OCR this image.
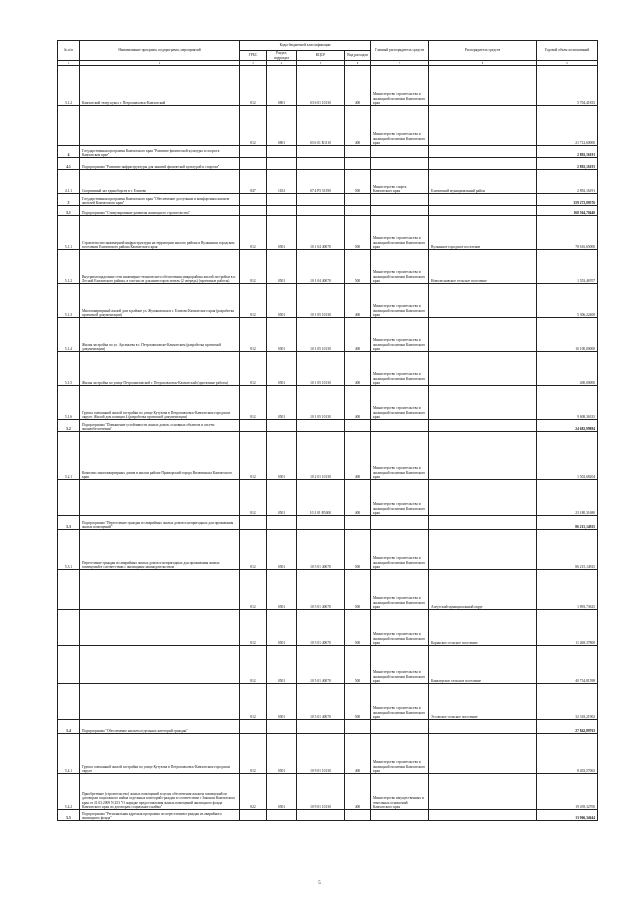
№ п/п	Наименование программ, подпрограмм, мероприятий	Коды бюджетной классификации				Главный распорядитель средств	Распорядитель средств	Годовой объем ассигнований
		ГРБС	Раздел, подраздел	КЦСР	Вид расходов			
1	2	3	4	5	6	7	8	9
3.1.2	Камчатский театр кукол г. Петропавловск-Камчатский	812	0801	03 6 01 10130	400	Министерство строительства и жилищной политики Камчатского края		5 704,41833
		812	0801	03 6 01 R1110	400	Министерство строительства и жилищной политики Камчатского края		21 712,60000
4	Государственная программа Камчатского края "Развитие физической культуры и спорта в Камчатском крае"							2 892,16191
4.1	Подпрограмма "Развитие инфраструктуры для занятий физической культурой и спортом"							2 892,16191
4.1.1	Спортивный зал единоборств в г. Елизово	847	1102	07 4 Р5 51390	500	Министерство спорта Камчатского края	Елизовский муниципальный район	2 892,16191
5	Государственная программа Камчатского края "Обеспечение доступным и комфортным жильем жителей Камчатского края"							259 272,09576
5.1	Подпрограмма "Стимулирование развития жилищного строительства"							168 564,70440
5.1.1	Строительство инженерной инфраструктуры на территории жилого района в Вулканном городском поселении Елизовского района Камчатского края	812	0501	10 1 04 40070	500	Министерство строительства и жилищной политики Камчатского края	Вулканное городское поселение	78 616,65000
5.1.2	Внутриплощадочные сети инженерно-технического обеспечения микрорайона жилой застройки в п. Лесной Елизовского района, в том числе для инвесторов земель (2 очередь) (проектные работы)	812	0501	10 1 04 40070	500	Министерство строительства и жилищной политики Камчатского края	Новолесновское сельское поселение	1 553,46707
5.1.3	Многоквартирный жилой дом в районе ул. Жупановская в г. Елизово Камчатского края (разработка проектной документации)	812	0501	10 1 05 10130	400	Министерство строительства и жилищной политики Камчатского края		5 306,22400
5.1.4	Жилая застройка по ул. Арсеньева в г. Петропавловске-Камчатском (разработка проектной документации)	812	0501	10 1 05 10130	400	Министерство строительства и жилищной политики Камчатского края		10 100,00000
5.1.5	Жилая застройка по улице Петропавловской г. Петропавловск-Камчатский (проектные работы)	812	0501	10 1 05 10130	400	Министерство строительства и жилищной политики Камчатского края		400,00000
5.1.6	Группа смешанной жилой застройки по улице Кутузова в Петропавловск-Камчатском городском округе. Жилой дом позиция 4 (разработка проектной документации)	812	0501	10 1 05 10130	400	Министерство строительства и жилищной политики Камчатского края		9 608,36333
5.2	Подпрограмма "Повышение устойчивости жилых домов, основных объектов и систем жизнеобеспечения"							24 682,99884
5.2.1	Комплекс многоквартирных домов в жилом районе Приморский города Вилючинска Камчатского края	812	0501	10 2 01 10130	400	Министерство строительства и жилищной политики Камчатского края		1 502,68204
		812	0501	10 2 01 R5400	400	Министерство строительства и жилищной политики Камчатского края		23 180,31680
5.3	Подпрограмма "Переселение граждан из аварийных жилых домов и непригодных для проживания жилых помещений"							86 215,14925
5.3.1	Переселение граждан из аварийных жилых домов и непригодных для проживания жилых помещений в соответствии с жилищным законодательством	812	0501	10 5 01 40070	500	Министерство строительства и жилищной политики Камчатского края		86 215,14925
		812	0501	10 5 01 40070	500	Министерство строительства и жилищной политики Камчатского края	Алеутский муниципальный округ	1 893,73625
		812	0501	10 5 01 40070	500	Министерство строительства и жилищной политики Камчатского края	Корякское сельское поселение	11 268,37800
		812	0501	10 5 01 40070	500	Министерство строительства и жилищной политики Камчатского края	Кавалерское сельское поселение	40 734,81598
		812	0501	10 5 01 40070	500	Министерство строительства и жилищной политики Камчатского края	Эссовское сельское поселение	32 318,21902
5.4	Подпрограмма "Обеспечение жильем отдельных категорий граждан"							27 842,89763
5.4.1	Группа смешанной жилой застройки по улице Кутузова в Петропавловск-Камчатском городском округе	812	0501	10 9 01 10130	400	Министерство строительства и жилищной политики Камчатского края		8 403,57063
5.4.2	Приобретение (строительство) жилых помещений в целях обеспечения жильем помещений по договорам социального найма отдельных категорий граждан в соответствии с Законом Камчатского края от 31.03.2009 N 253 "О порядке предоставления жилых помещений жилищного фонда Камчатского края по договорам социального найма"	822	0501	10 9 01 10130	400	Министерство имущественных и земельных отношений Камчатского края		19 439,32700
5.5	Подпрограмма "Региональная адресная программа по переселению граждан из аварийного жилищного фонда"							13 966,34644
5
